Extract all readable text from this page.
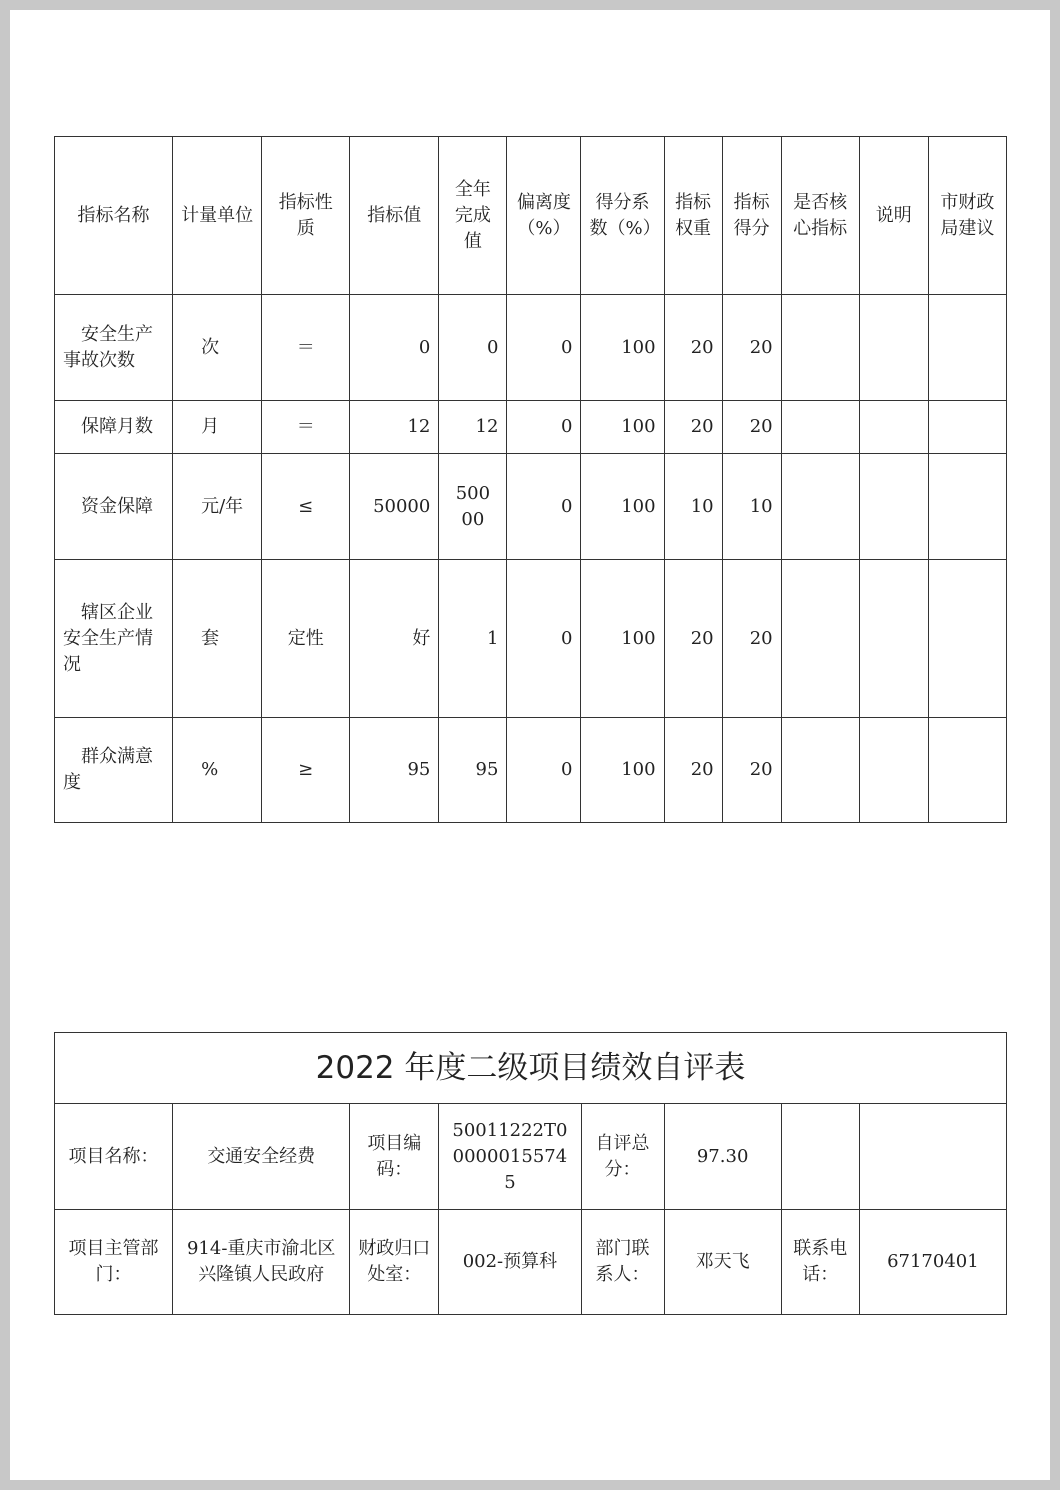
指标名称	计量单位	指标性质	指标值	全年完成值	偏离度（%）	得分系数（%）	指标权重	指标得分	是否核心指标	说明	市财政局建议
安全生产事故次数	次	＝	0	0	0	100	20	20			
保障月数	月	＝	12	12	0	100	20	20			
资金保障	元/年	≤	50000	50000	0	100	10	10			
辖区企业安全生产情况	套	定性	好	1	0	100	20	20			
群众满意度	%	≥	95	95	0	100	20	20			
2022 年度二级项目绩效自评表							
项目名称：	交通安全经费	项目编码：	50011222T000000155745	自评总分：	97.30		
项目主管部门：	914-重庆市渝北区兴隆镇人民政府	财政归口处室：	002-预算科	部门联系人：	邓天飞	联系电话：	67170401
